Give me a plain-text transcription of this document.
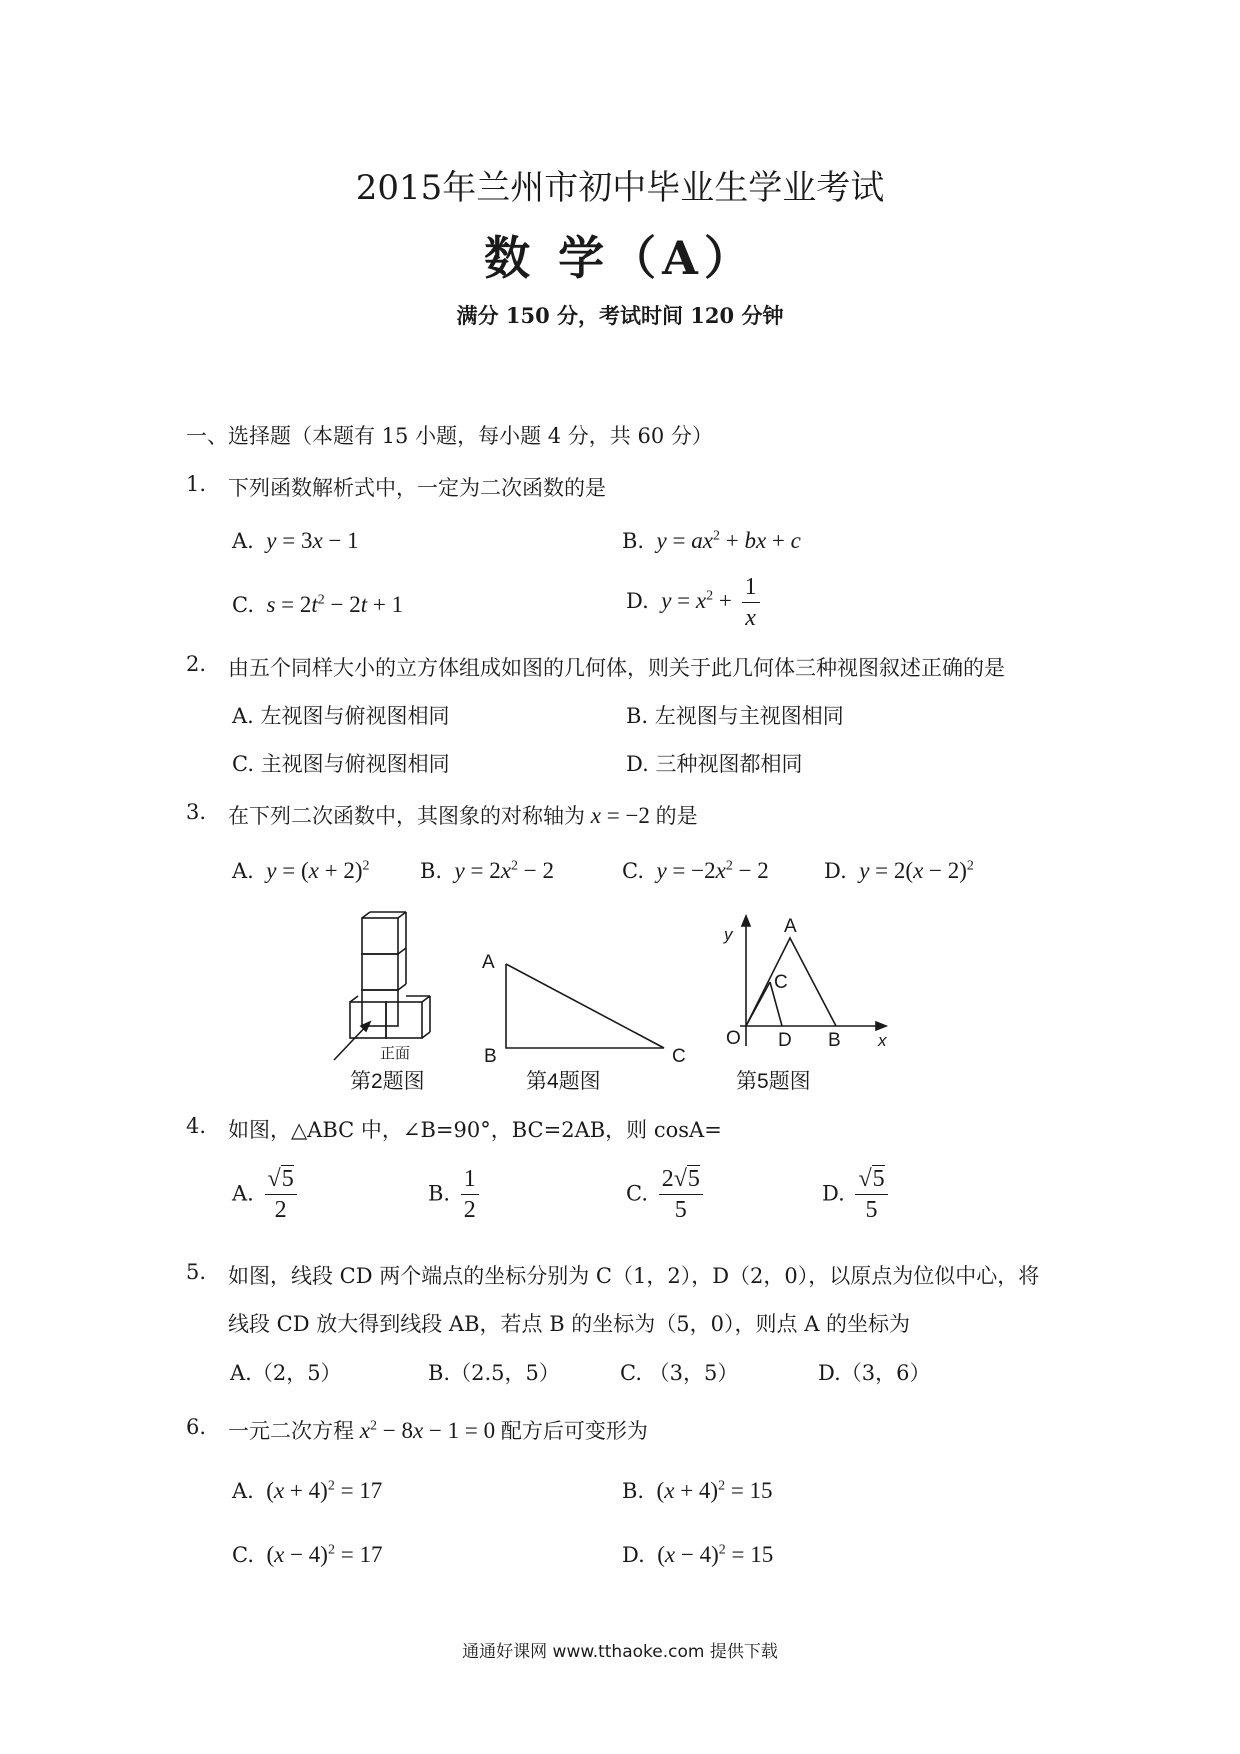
2015年兰州市初中毕业生学业考试
数 学（A）
满分 150 分，考试时间 120 分钟
一、选择题（本题有 15 小题，每小题 4 分，共 60 分）
1. 下列函数解析式中，一定为二次函数的是
A. y = 3x − 1	B. $y = ax^2$ + bx + c
C. $s = 2t^2 - 2t + 1$	D. $y = x^2 + \frac{1}{x}$
2. 由五个同样大小的立方体组成如图的几何体，则关于此几何体三种视图叙述正确的是
A. 左视图与俯视图相同	B. 左视图与主视图相同
C. 主视图与俯视图相同	D. 三种视图都相同
3. 在下列二次函数中，其图象的对称轴为 x = −2 的是
A. $y = (x + 2)^2$ B. $y = 2x^2 - 2$	C. $y = -2x^2 - 2$	D. $y = 2(x - 2)^2$
正面
第2题图
A
B	C
第4题图
y
x
O
A
C
D B
第5题图
4. 如图，△ABC 中，∠B=90°，BC=2AB，则 cosA=
A. $\frac{√5}{2}$	B. $\frac{1}{2}$	C. $\frac{2√5}{5}$	D. $\frac{√5}{5}$
5. 如图，线段 CD 两个端点的坐标分别为 C（1，2），D（2，0），以原点为位似中心，将
线段 CD 放大得到线段 AB，若点 B 的坐标为（5，0），则点 A 的坐标为
A.（2，5）	B.（2.5，5）	C. （3，5）	D.（3，6）
6. 一元二次方程 $x^2 - 8x - 1 = 0$ 配方后可变形为
A.  $(x + 4)^2 = 17$	B.  $(x + 4)^2 = 15$
C.  $(x - 4)^2 = 17$	D.  $(x - 4)^2 = 15$
通通好课网 www.tthaoke.com 提供下载
